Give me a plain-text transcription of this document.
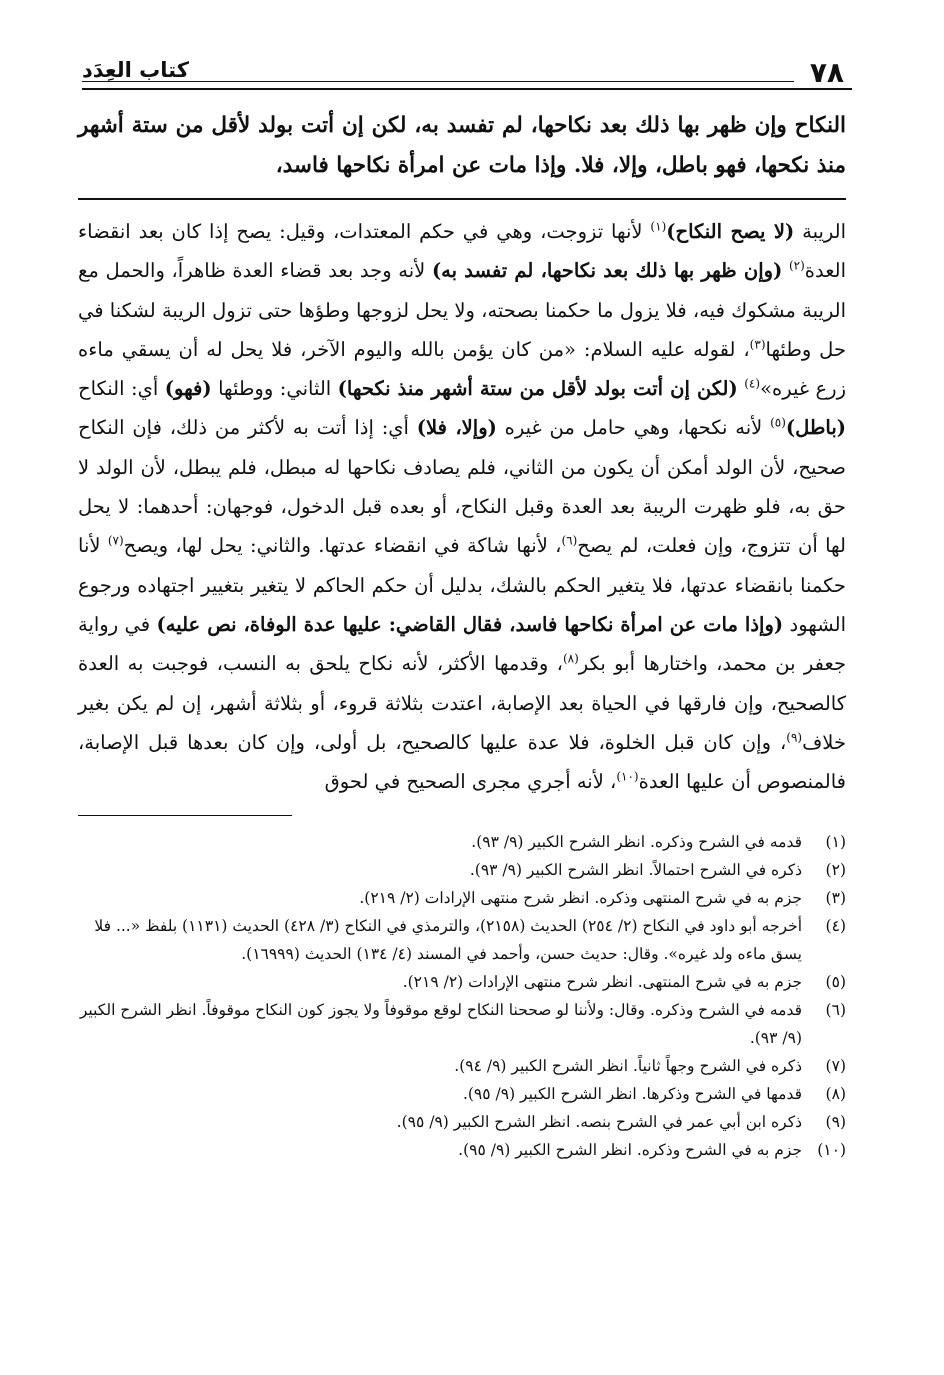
٧٨
كتاب العِدَد
النكاح وإن ظهر بها ذلك بعد نكاحها، لم تفسد به، لكن إن أتت بولد لأقل من ستة أشهر منذ نكحها، فهو باطل، وإلا، فلا. وإذا مات عن امرأة نكاحها فاسد،
الريبة (لا يصح النكاح)$^{(١)}$ لأنها تزوجت، وهي في حكم المعتدات، وقيل: يصح إذا كان بعد انقضاء العدة$^{(٢)}$ (وإن ظهر بها ذلك بعد نكاحها، لم تفسد به) لأنه وجد بعد قضاء العدة ظاهراً، والحمل مع الريبة مشكوك فيه، فلا يزول ما حكمنا بصحته، ولا يحل لزوجها وطؤها حتى تزول الريبة لشكنا في حل وطئها$^{(٣)}$، لقوله عليه السلام: «من كان يؤمن بالله واليوم الآخر، فلا يحل له أن يسقي ماءه زرع غيره»$^{(٤)}$ (لكن إن أتت بولد لأقل من ستة أشهر منذ نكحها) الثاني: ووطئها (فهو) أي: النكاح (باطل)$^{(٥)}$ لأنه نكحها، وهي حامل من غيره (وإلا، فلا) أي: إذا أتت به لأكثر من ذلك، فإن النكاح صحيح، لأن الولد أمكن أن يكون من الثاني، فلم يصادف نكاحها له مبطل، فلم يبطل، لأن الولد لا حق به، فلو ظهرت الريبة بعد العدة وقبل النكاح، أو بعده قبل الدخول، فوجهان: أحدهما: لا يحل لها أن تتزوج، وإن فعلت، لم يصح$^{(٦)}$، لأنها شاكة في انقضاء عدتها. والثاني: يحل لها، ويصح$^{(٧)}$ لأنا حكمنا بانقضاء عدتها، فلا يتغير الحكم بالشك، بدليل أن حكم الحاكم لا يتغير بتغيير اجتهاده ورجوع الشهود (وإذا مات عن امرأة نكاحها فاسد، فقال القاضي: عليها عدة الوفاة، نص عليه) في رواية جعفر بن محمد، واختارها أبو بكر$^{(٨)}$، وقدمها الأكثر، لأنه نكاح يلحق به النسب، فوجبت به العدة كالصحيح، وإن فارقها في الحياة بعد الإصابة، اعتدت بثلاثة قروء، أو بثلاثة أشهر، إن لم يكن بغير خلاف$^{(٩)}$، وإن كان قبل الخلوة، فلا عدة عليها كالصحيح، بل أولى، وإن كان بعدها قبل الإصابة، فالمنصوص أن عليها العدة$^{(١٠)}$، لأنه أجري مجرى الصحيح في لحوق
(١)
قدمه في الشرح وذكره. انظر الشرح الكبير (٩/ ٩٣).
(٢)
ذكره في الشرح احتمالاً. انظر الشرح الكبير (٩/ ٩٣).
(٣)
جزم به في شرح المنتهى وذكره. انظر شرح منتهى الإرادات (٢/ ٢١٩).
(٤)
أخرجه أبو داود في النكاح (٢/ ٢٥٤) الحديث (٢١٥٨)، والترمذي في النكاح (٣/ ٤٢٨) الحديث (١١٣١) بلفظ «... فلا يسق ماءه ولد غيره». وقال: حديث حسن، وأحمد في المسند (٤/ ١٣٤) الحديث (١٦٩٩٩).
(٥)
جزم به في شرح المنتهى. انظر شرح منتهى الإرادات (٢/ ٢١٩).
(٦)
قدمه في الشرح وذكره. وقال: ولأننا لو صححنا النكاح لوقع موقوفاً ولا يجوز كون النكاح موقوفاً. انظر الشرح الكبير (٩/ ٩٣).
(٧)
ذكره في الشرح وجهاً ثانياً. انظر الشرح الكبير (٩/ ٩٤).
(٨)
قدمها في الشرح وذكرها. انظر الشرح الكبير (٩/ ٩٥).
(٩)
ذكره ابن أبي عمر في الشرح بنصه. انظر الشرح الكبير (٩/ ٩٥).
(١٠)
جزم به في الشرح وذكره. انظر الشرح الكبير (٩/ ٩٥).
